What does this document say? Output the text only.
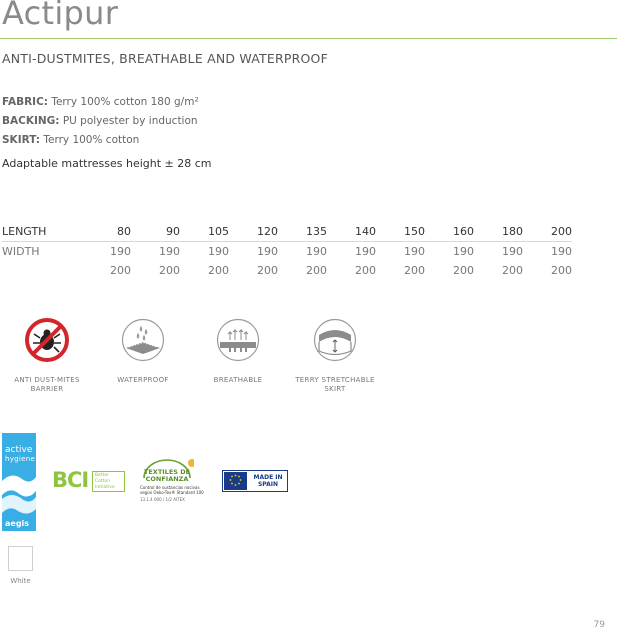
Actipur
ANTI-DUSTMITES, BREATHABLE AND WATERPROOF
FABRIC: Terry 100% cotton 180 g/m²
BACKING: PU polyester by induction
SKIRT: Terry 100% cotton
Adaptable mattresses height ± 28 cm
LENGTH	80	90	105	120	135	140	150	160	180	200
WIDTH	190	190	190	190	190	190	190	190	190	190
	200	200	200	200	200	200	200	200	200	200
ANTI DUST-MITES BARRIER
WATERPROOF	BREATHABLE	TERRY STRETCHABLE SKIRT
active
hygiene
aegis
BCI	Better Cotton Initiative
TEXTILES DE CONFIANZA
Control de sustancias nocivas según Oeko-Tex® Standard 100
13.1.4 000 / 1/2 AITEX
MADE IN SPAIN
White
79
